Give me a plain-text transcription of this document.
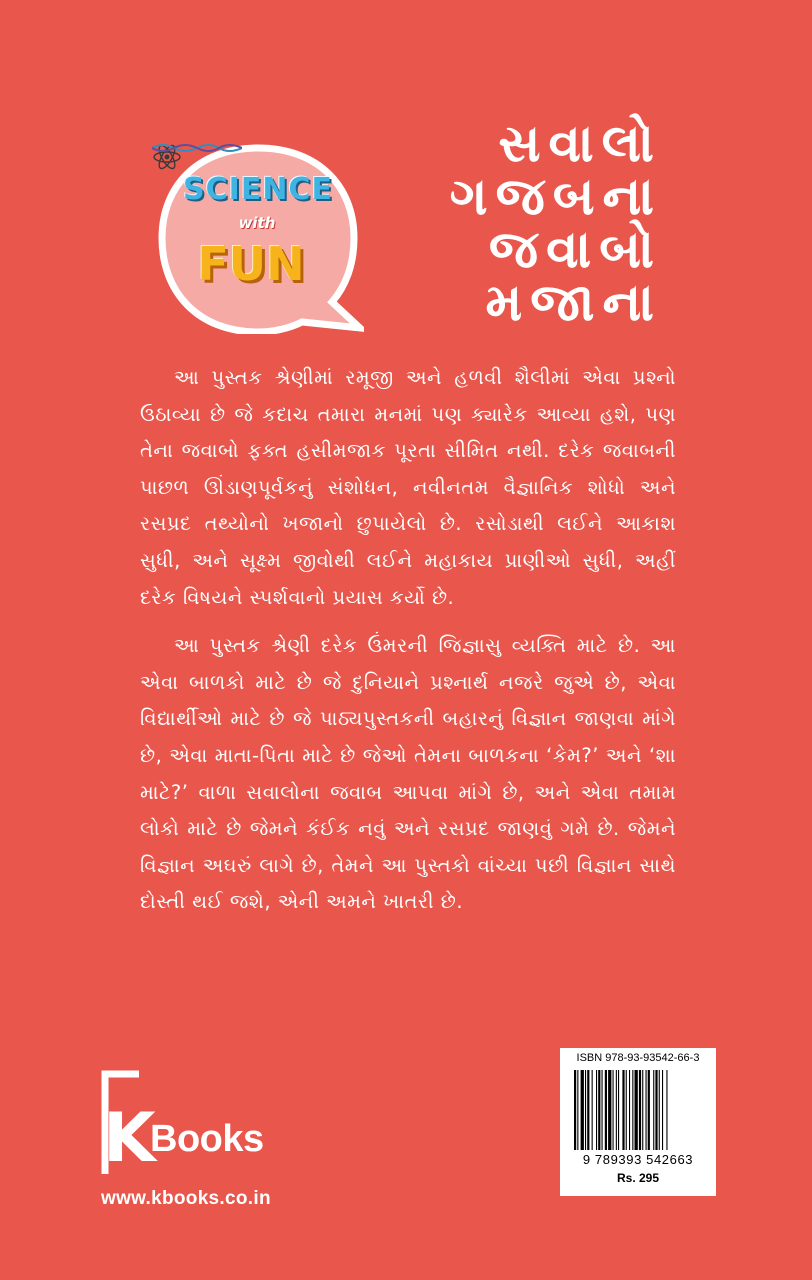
SCIENCE
with
FUN
સવાલો
ગજબના
જવાબો
મજાના

આ પુસ્તક શ્રેણીમાં રમૂજી અને હળવી શૈલીમાં એવા પ્રશ્નો ઉઠાવ્યા છે જે કદાચ તમારા મનમાં પણ ક્યારેક આવ્યા હશે, પણ તેના જવાબો ફક્ત હસીમજાક પૂરતા સીમિત નથી. દરેક જવાબની પાછળ ઊંડાણપૂર્વકનું સંશોધન, નવીનતમ વૈજ્ઞાનિક શોધો અને રસપ્રદ તથ્યોનો ખજાનો છુપાયેલો છે. રસોડાથી લઈને આકાશ સુધી, અને સૂક્ષ્મ જીવોથી લઈને મહાકાય પ્રાણીઓ સુધી, અહીં દરેક વિષયને સ્પર્શવાનો પ્રયાસ કર્યો છે.

આ પુસ્તક શ્રેણી દરેક ઉંમરની જિજ્ઞાસુ વ્યક્તિ માટે છે. આ એવા બાળકો માટે છે જે દુનિયાને પ્રશ્નાર્થ નજરે જુએ છે, એવા વિદ્યાર્થીઓ માટે છે જે પાઠ્યપુસ્તકની બહારનું વિજ્ઞાન જાણવા માંગે છે, એવા માતા-પિતા માટે છે જેઓ તેમના બાળકના ‘કેમ?’ અને ‘શા માટે?’ વાળા સવાલોના જવાબ આપવા માંગે છે, અને એવા તમામ લોકો માટે છે જેમને કંઈક નવું અને રસપ્રદ જાણવું ગમે છે. જેમને વિજ્ઞાન અઘરું લાગે છે, તેમને આ પુસ્તકો વાંચ્યા પછી વિજ્ઞાન સાથે દોસ્તી થઈ જશે, એની અમને ખાતરી છે.

K
Books
www.kbooks.co.in
ISBN 978-93-93542-66-3
9 789393 542663
Rs. 295
